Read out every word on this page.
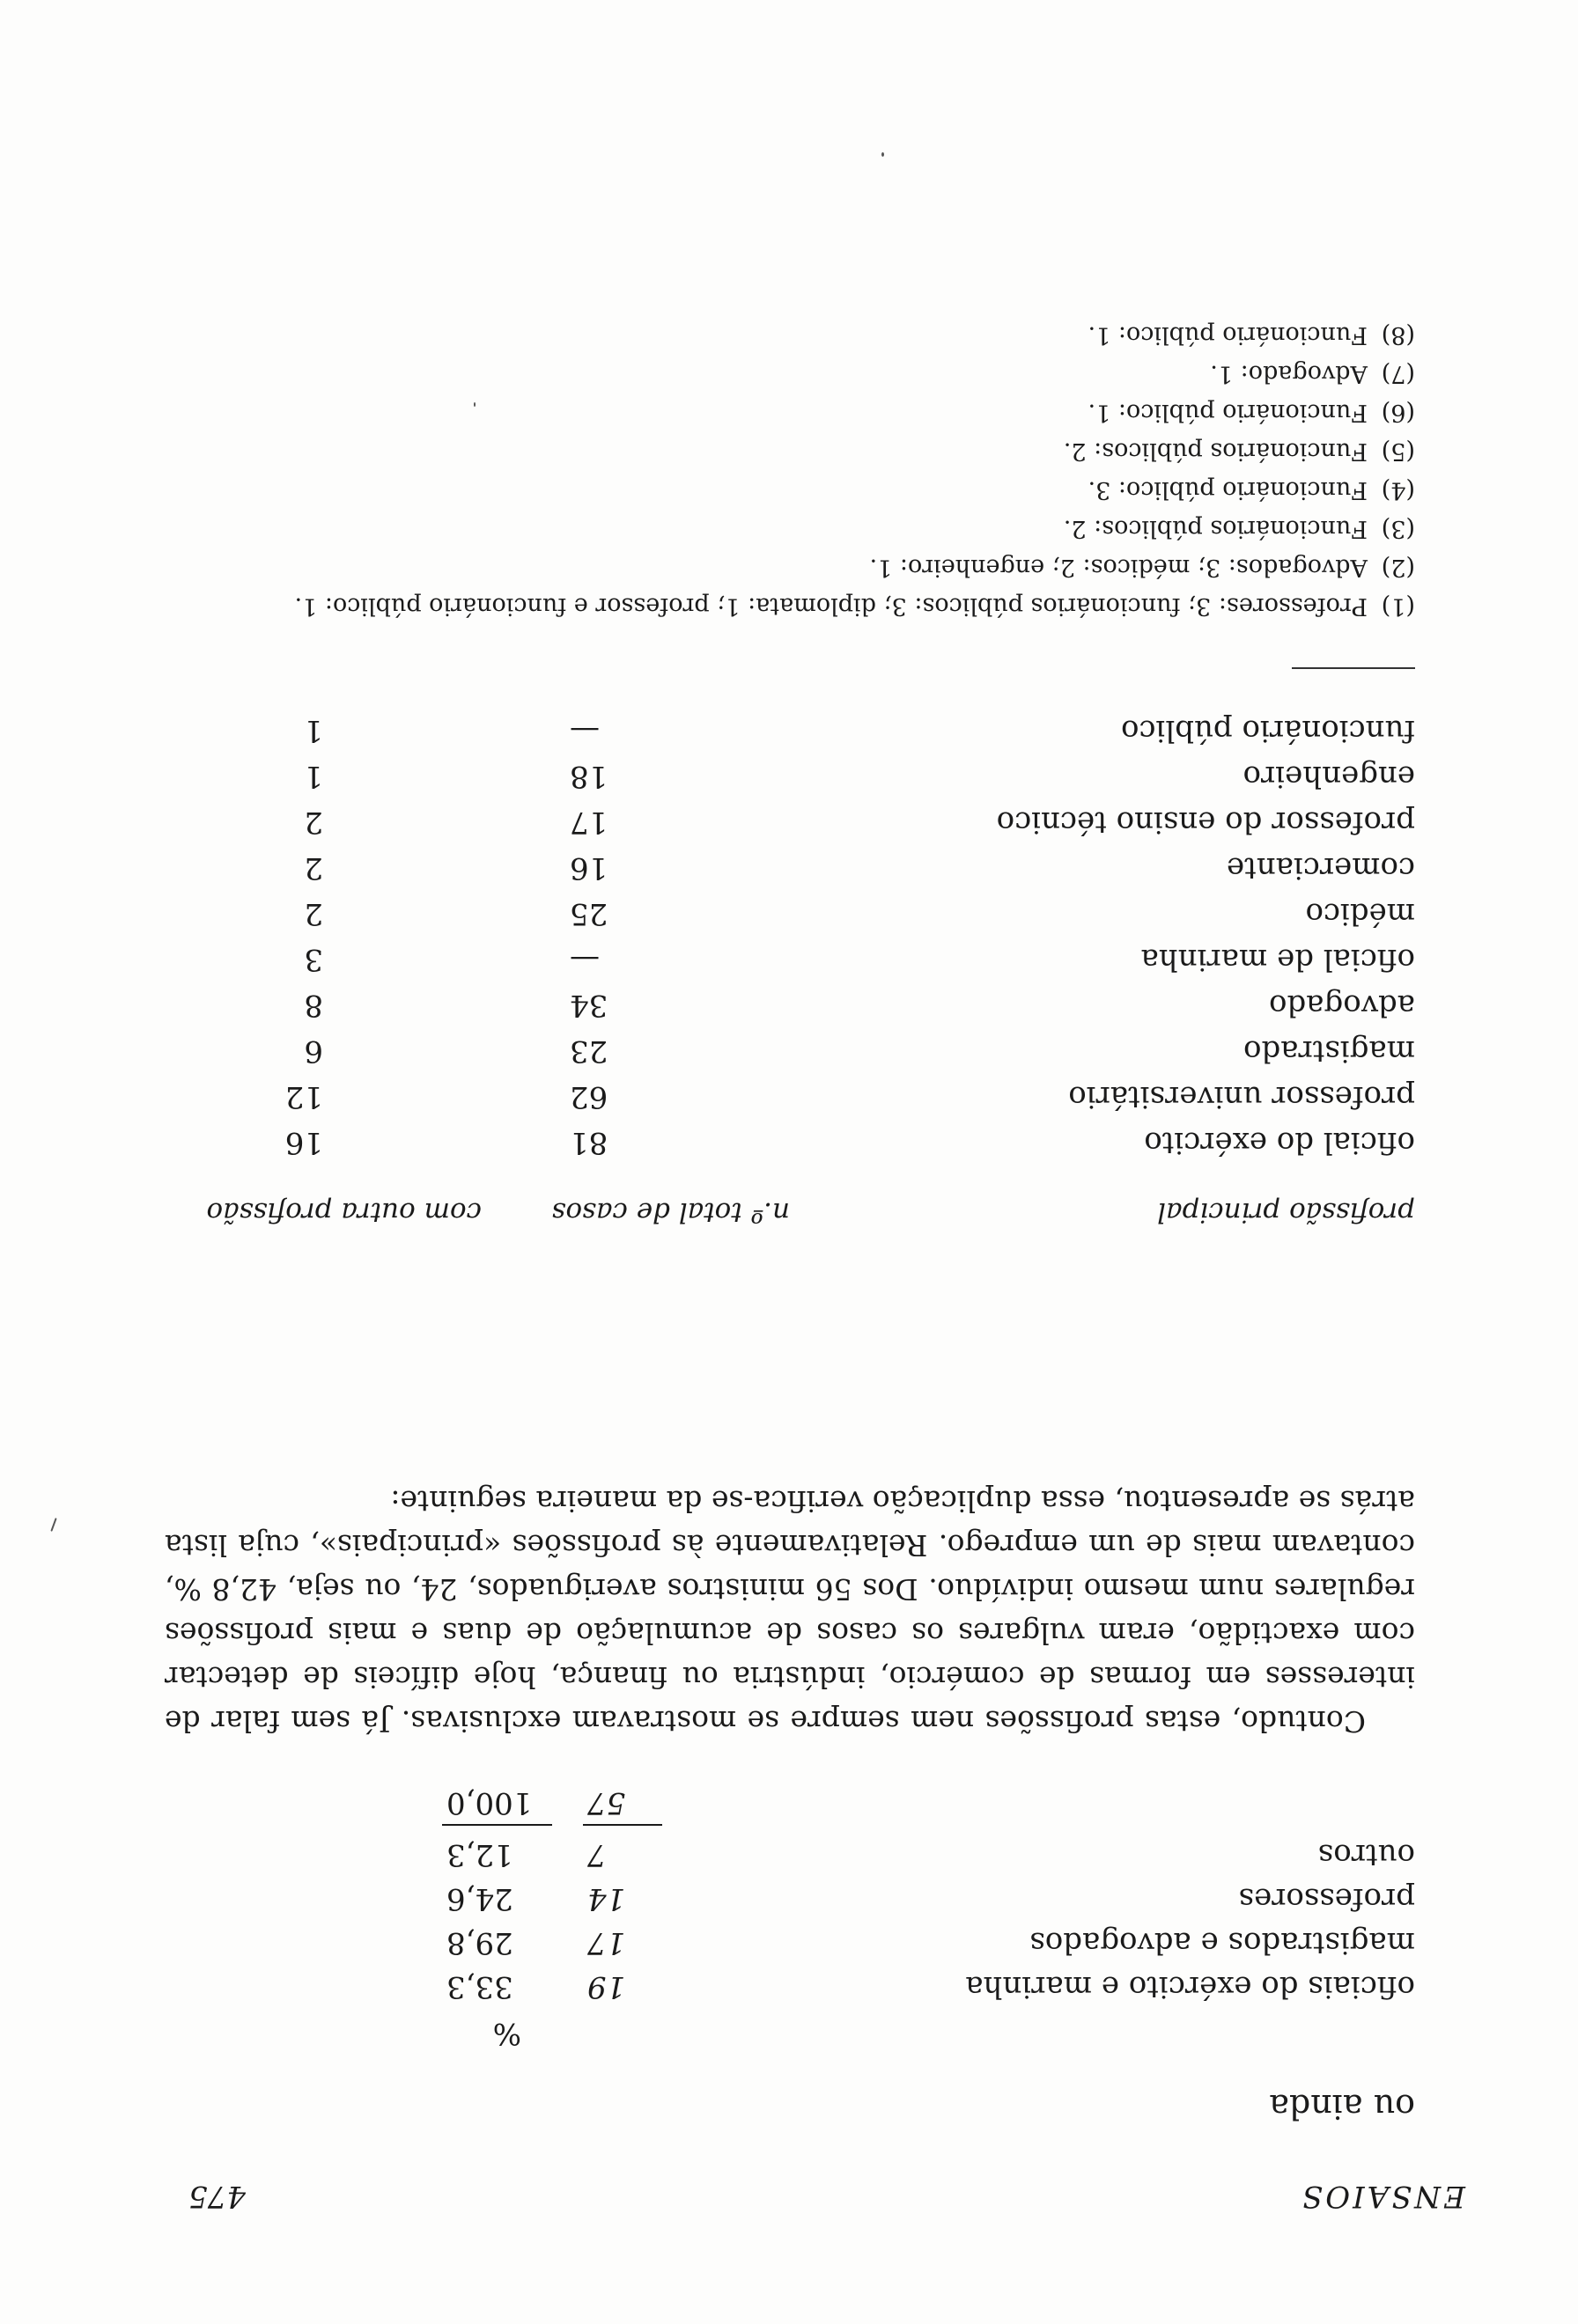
ENSAIOS
475
ou ainda
%
oficiais do exército e marinha
19
33,3
magistrados e advogados
17
29,8
professores
14
24,6
outros
7
12,3
57
100,0

Contudo, estas profissões nem sempre se mostravam exclusivas. Já sem falar de interesses em formas de comércio, indústria ou finança, hoje difíceis de detectar com exactidão, eram vulgares os casos de acumulação de duas e mais profissões regulares num mesmo indivíduo. Dos 56 ministros averiguados, 24, ou seja, 42,8 %, contavam mais de um emprego. Relativamente às profissões «principais», cuja lista atrás se apresentou, essa duplicação verifica-se da maneira seguinte:

profissão principal
n.º total de casos
com outra profissão
oficial do exército
81
16
professor universitário
62
12
magistrado
23
6
advogado
34
8
oficial de marinha
—
3
médico
25
2
comerciante
16
2
professor do ensino técnico
17
2
engenheiro
18
1
funcionário público
—
1
(1)
Professores: 3; funcionários públicos: 3; diplomata: 1; professor e funcionário público: 1.
(2)
Advogados: 3; médicos: 2; engenheiro: 1.
(3)
Funcionários públicos: 2.
(4)
Funcionário público: 3.
(5)
Funcionários públicos: 2.
(6)
Funcionário público: 1.
(7)
Advogado: 1.
(8)
Funcionário público: 1.
